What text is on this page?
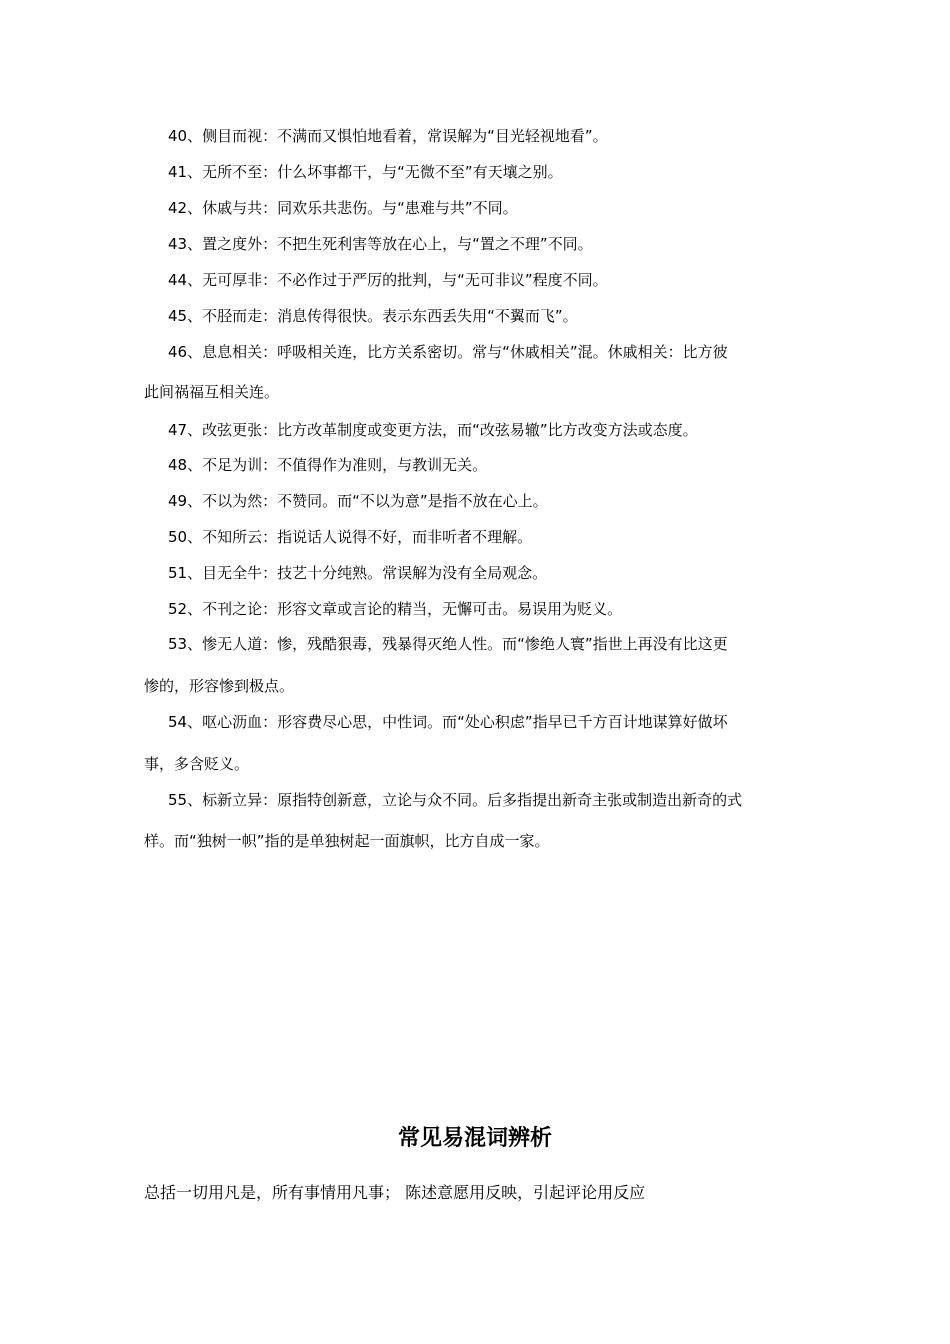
40、侧目而视：不满而又惧怕地看着，常误解为“目光轻视地看”。
41、无所不至：什么坏事都干，与“无微不至”有天壤之别。
42、休戚与共：同欢乐共悲伤。与“患难与共”不同。
43、置之度外：不把生死利害等放在心上，与“置之不理”不同。
44、无可厚非：不必作过于严厉的批判，与“无可非议”程度不同。
45、不胫而走：消息传得很快。表示东西丢失用“不翼而飞”。
46、息息相关：呼吸相关连，比方关系密切。常与“休戚相关”混。休戚相关：比方彼
此间祸福互相关连。
47、改弦更张：比方改革制度或变更方法，而“改弦易辙”比方改变方法或态度。
48、不足为训：不值得作为准则，与教训无关。
49、不以为然：不赞同。而“不以为意”是指不放在心上。
50、不知所云：指说话人说得不好，而非听者不理解。
51、目无全牛：技艺十分纯熟。常误解为没有全局观念。
52、不刊之论：形容文章或言论的精当，无懈可击。易误用为贬义。
53、惨无人道：惨，残酷狠毒，残暴得灭绝人性。而“惨绝人寰”指世上再没有比这更
惨的，形容惨到极点。
54、呕心沥血：形容费尽心思，中性词。而“处心积虑”指早已千方百计地谋算好做坏
事，多含贬义。
55、标新立异：原指特创新意，立论与众不同。后多指提出新奇主张或制造出新奇的式
样。而“独树一帜”指的是单独树起一面旗帜，比方自成一家。
常见易混词辨析
总括一切用凡是，所有事情用凡事； 陈述意愿用反映，引起评论用反应
